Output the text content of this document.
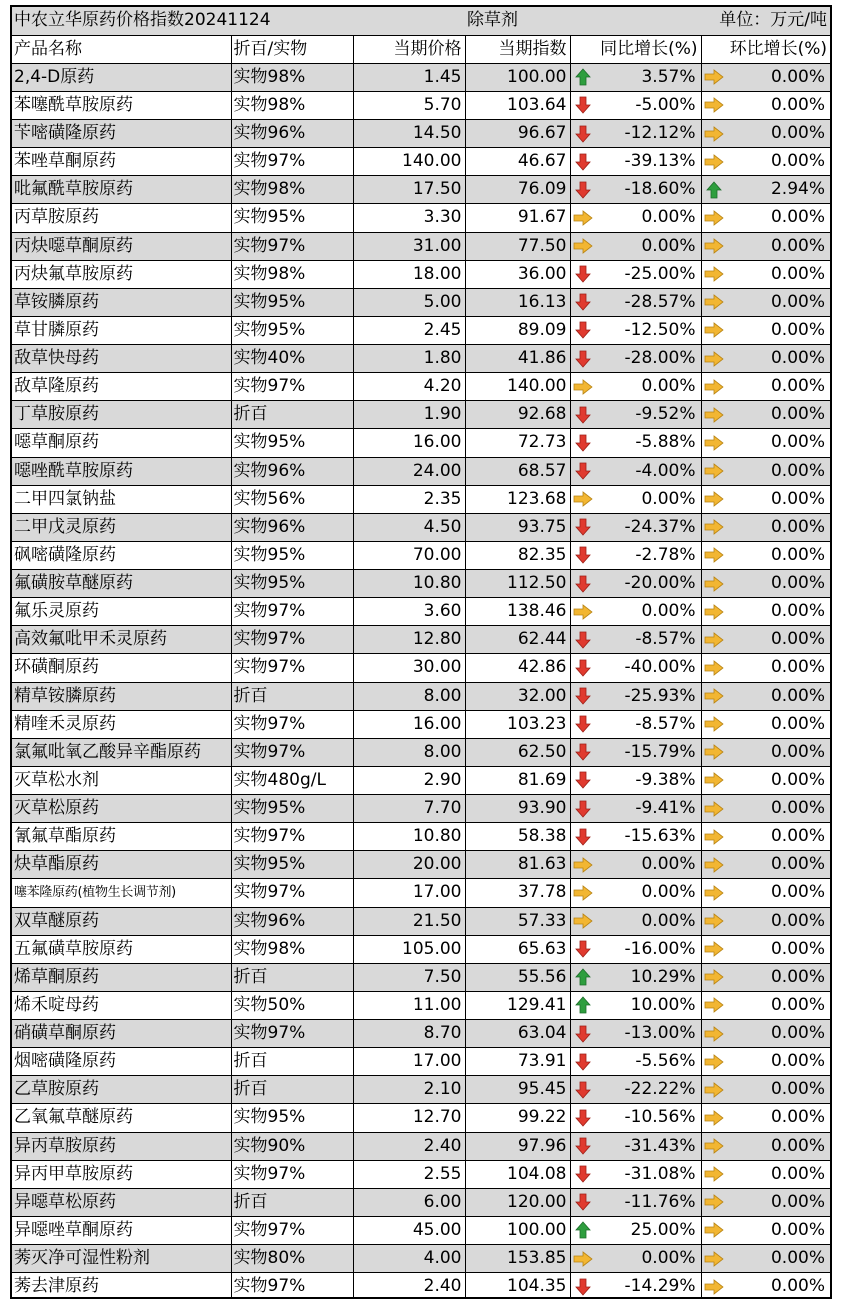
中农立华原药价格指数20241124			除草剂		单位：万元/吨
产品名称	折百/实物	当期价格	当期指数	同比增长(%)	环比增长(%)
2,4-D原药	实物98%	1.45	100.00	3.57%	0.00%

苯噻酰草胺原药	实物98%	5.70	103.64	-5.00%	0.00%

苄嘧磺隆原药	实物96%	14.50	96.67	-12.12%	0.00%

苯唑草酮原药	实物97%	140.00	46.67	-39.13%	0.00%

吡氟酰草胺原药	实物98%	17.50	76.09	-18.60%	2.94%

丙草胺原药	实物95%	3.30	91.67	0.00%	0.00%

丙炔噁草酮原药	实物97%	31.00	77.50	0.00%	0.00%

丙炔氟草胺原药	实物98%	18.00	36.00	-25.00%	0.00%

草铵膦原药	实物95%	5.00	16.13	-28.57%	0.00%

草甘膦原药	实物95%	2.45	89.09	-12.50%	0.00%

敌草快母药	实物40%	1.80	41.86	-28.00%	0.00%

敌草隆原药	实物97%	4.20	140.00	0.00%	0.00%

丁草胺原药	折百	1.90	92.68	-9.52%	0.00%

噁草酮原药	实物95%	16.00	72.73	-5.88%	0.00%

噁唑酰草胺原药	实物96%	24.00	68.57	-4.00%	0.00%

二甲四氯钠盐	实物56%	2.35	123.68	0.00%	0.00%

二甲戊灵原药	实物96%	4.50	93.75	-24.37%	0.00%

砜嘧磺隆原药	实物95%	70.00	82.35	-2.78%	0.00%

氟磺胺草醚原药	实物95%	10.80	112.50	-20.00%	0.00%

氟乐灵原药	实物97%	3.60	138.46	0.00%	0.00%

高效氟吡甲禾灵原药	实物97%	12.80	62.44	-8.57%	0.00%

环磺酮原药	实物97%	30.00	42.86	-40.00%	0.00%

精草铵膦原药	折百	8.00	32.00	-25.93%	0.00%

精喹禾灵原药	实物97%	16.00	103.23	-8.57%	0.00%

氯氟吡氧乙酸异辛酯原药	实物97%	8.00	62.50	-15.79%	0.00%

灭草松水剂	实物480g/L	2.90	81.69	-9.38%	0.00%

灭草松原药	实物95%	7.70	93.90	-9.41%	0.00%

氰氟草酯原药	实物97%	10.80	58.38	-15.63%	0.00%

炔草酯原药	实物95%	20.00	81.63	0.00%	0.00%

噻苯隆原药(植物生长调节剂)	实物97%	17.00	37.78	0.00%	0.00%

双草醚原药	实物96%	21.50	57.33	0.00%	0.00%

五氟磺草胺原药	实物98%	105.00	65.63	-16.00%	0.00%

烯草酮原药	折百	7.50	55.56	10.29%	0.00%

烯禾啶母药	实物50%	11.00	129.41	10.00%	0.00%

硝磺草酮原药	实物97%	8.70	63.04	-13.00%	0.00%

烟嘧磺隆原药	折百	17.00	73.91	-5.56%	0.00%

乙草胺原药	折百	2.10	95.45	-22.22%	0.00%

乙氧氟草醚原药	实物95%	12.70	99.22	-10.56%	0.00%

异丙草胺原药	实物90%	2.40	97.96	-31.43%	0.00%

异丙甲草胺原药	实物97%	2.55	104.08	-31.08%	0.00%

异噁草松原药	折百	6.00	120.00	-11.76%	0.00%

异噁唑草酮原药	实物97%	45.00	100.00	25.00%	0.00%

莠灭净可湿性粉剂	实物80%	4.00	153.85	0.00%	0.00%

莠去津原药	实物97%	2.40	104.35	-14.29%	0.00%
